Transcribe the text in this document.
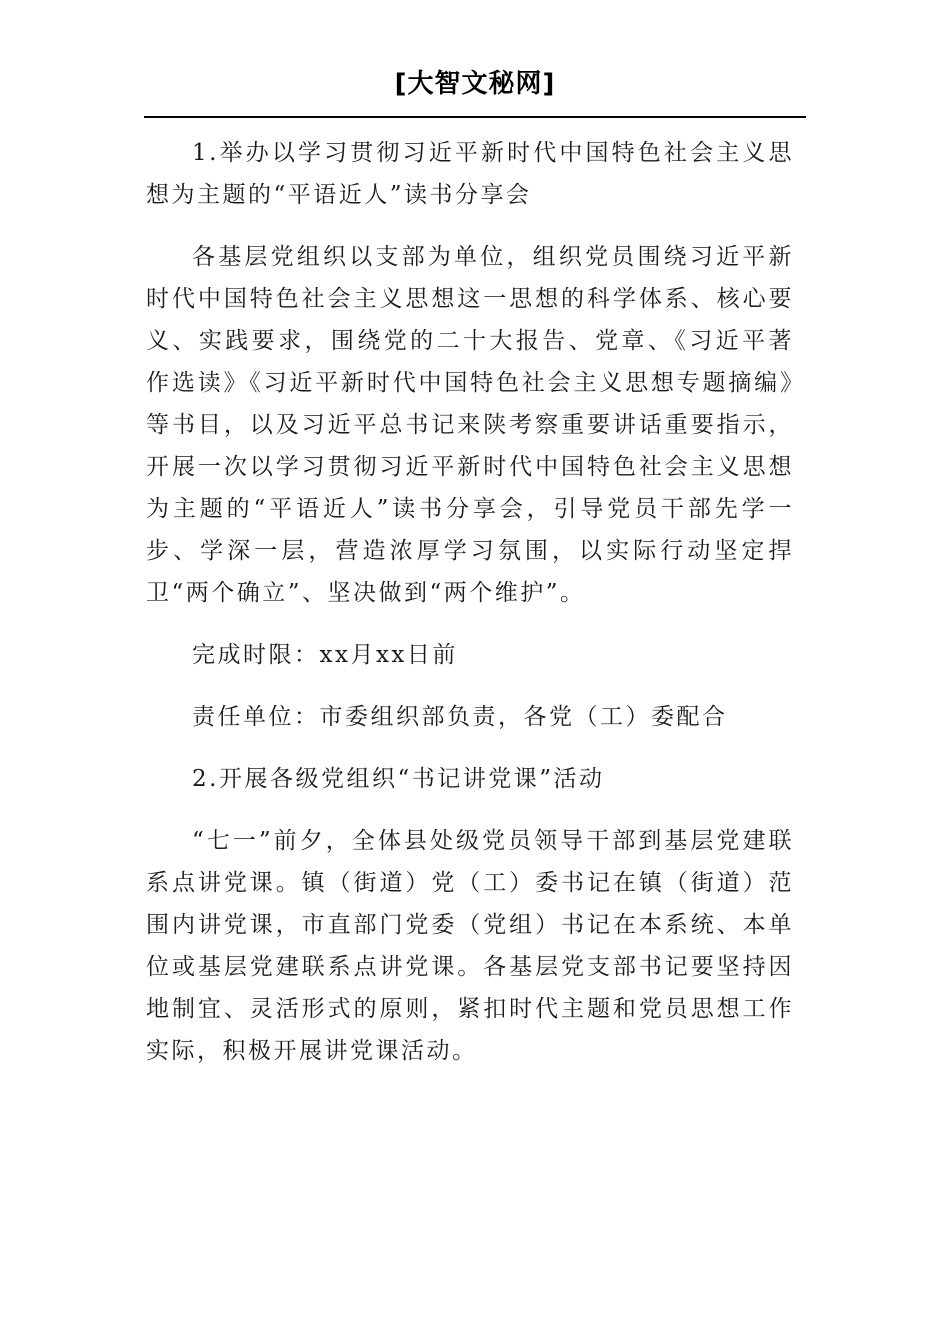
[大智文秘网]

1.举办以学习贯彻习近平新时代中国特色社会主义思想为主题的“平语近人”读书分享会

各基层党组织以支部为单位，组织党员围绕习近平新时代中国特色社会主义思想这一思想的科学体系、核心要义、实践要求，围绕党的二十大报告、党章、《习近平著作选读》《习近平新时代中国特色社会主义思想专题摘编》等书目，以及习近平总书记来陕考察重要讲话重要指示，开展一次以学习贯彻习近平新时代中国特色社会主义思想为主题的“平语近人”读书分享会，引导党员干部先学一步、学深一层，营造浓厚学习氛围，以实际行动坚定捍卫“两个确立”、坚决做到“两个维护”。

完成时限：xx月xx日前

责任单位：市委组织部负责，各党（工）委配合

2.开展各级党组织“书记讲党课”活动

“七一”前夕，全体县处级党员领导干部到基层党建联系点讲党课。镇（街道）党（工）委书记在镇（街道）范围内讲党课，市直部门党委（党组）书记在本系统、本单位或基层党建联系点讲党课。各基层党支部书记要坚持因地制宜、灵活形式的原则，紧扣时代主题和党员思想工作实际，积极开展讲党课活动。
